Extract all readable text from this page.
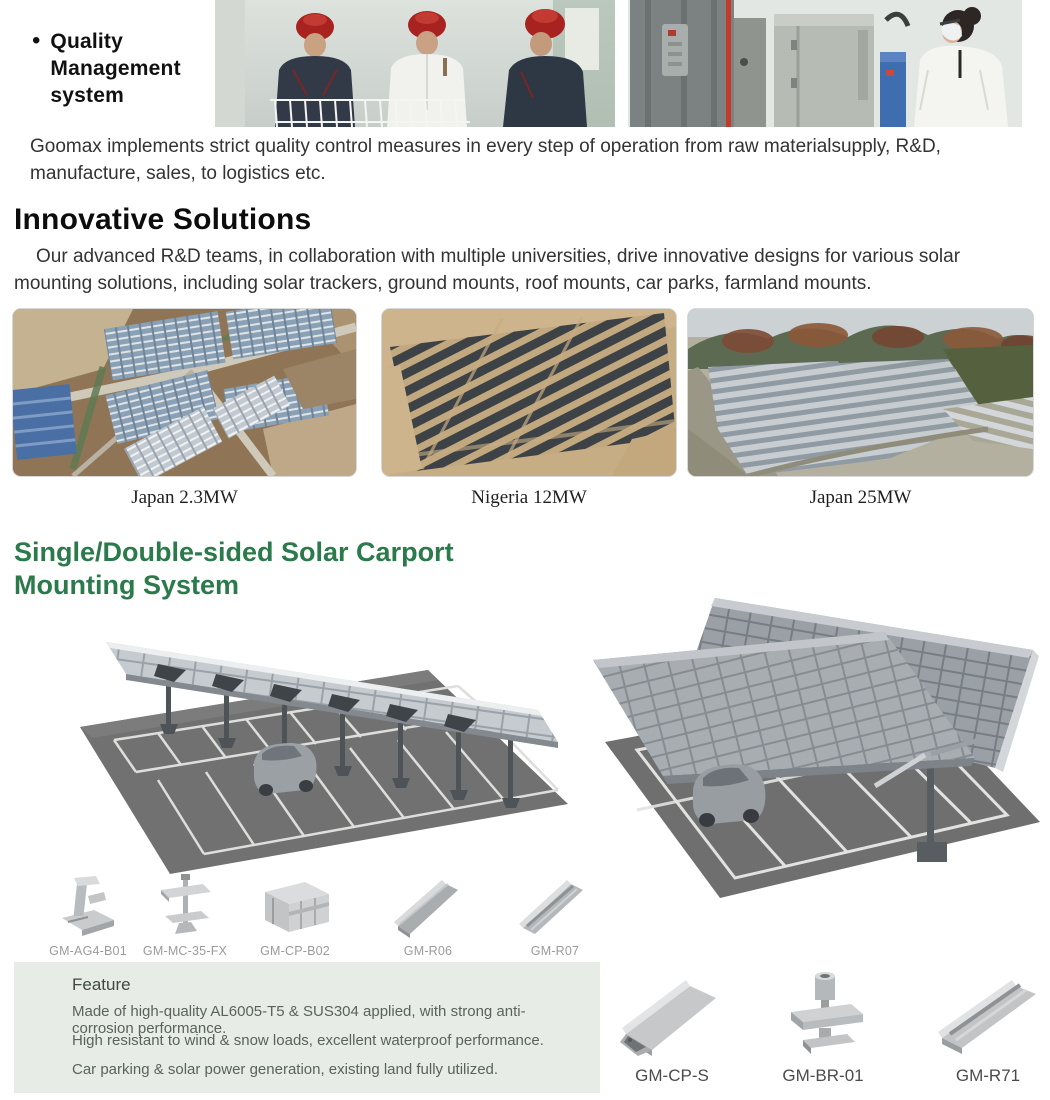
• Quality Management system
Goomax implements strict quality control measures in every step of operation from raw materialsupply, R&D, manufacture, sales, to logistics etc.
Innovative Solutions
Our advanced R&D teams, in collaboration with multiple universities, drive innovative designs for various solar mounting solutions, including solar trackers, ground mounts, roof mounts, car parks, farmland mounts.
Japan 2.3MW	Nigeria 12MW	Japan 25MW
Single/Double-sided Solar Carport
Mounting System
GM-AG4-B01	GM-MC-35-FX	GM-CP-B02	GM-R06	GM-R07
Feature
Made of high-quality AL6005-T5 & SUS304 applied, with strong anti-corrosion performance.
High resistant to wind & snow loads, excellent waterproof performance.
Car parking & solar power generation, existing land fully utilized.	GM-CP-S	GM-BR-01	GM-R71
